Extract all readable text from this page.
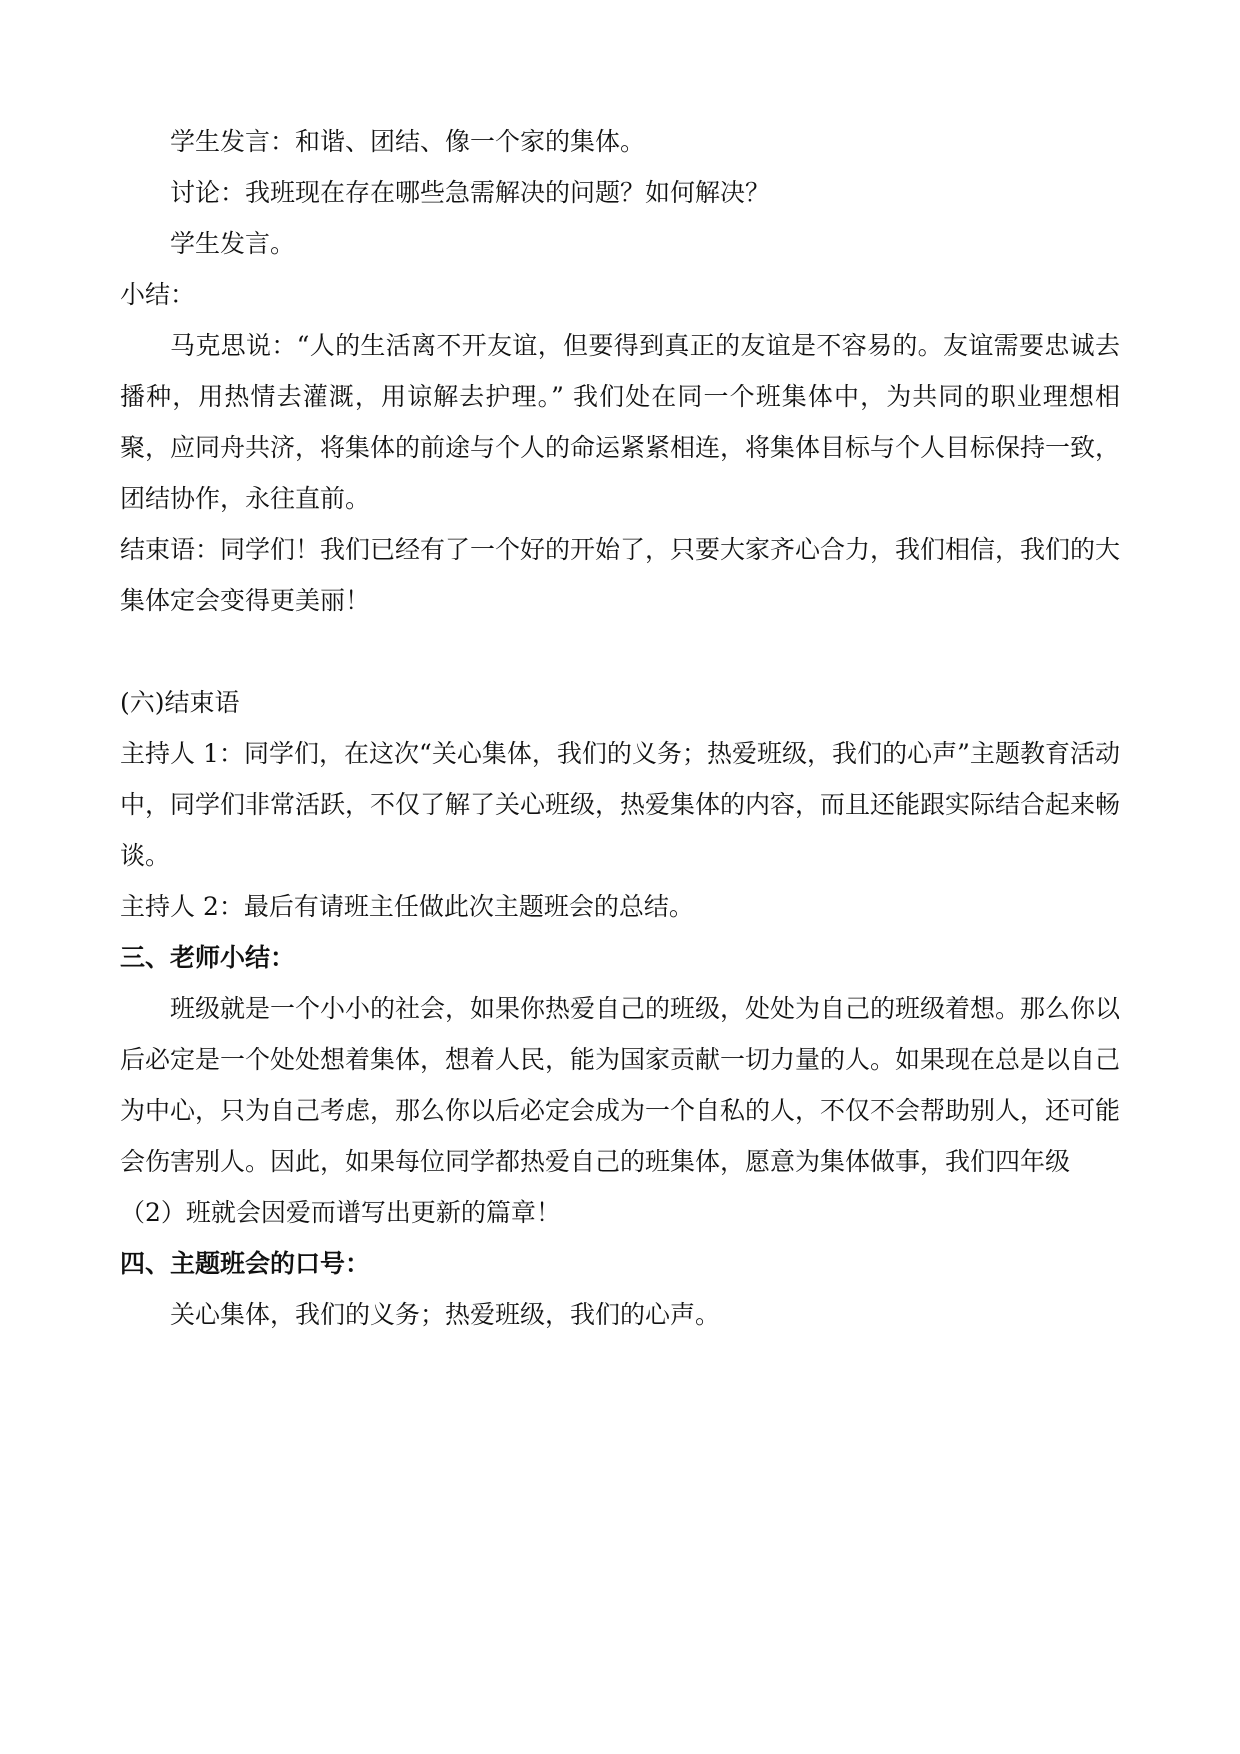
学生发言：和谐、团结、像一个家的集体。

讨论：我班现在存在哪些急需解决的问题？如何解决？

学生发言。

小结：

马克思说：“人的生活离不开友谊，但要得到真正的友谊是不容易的。友谊需要忠诚去播种，用热情去灌溉，用谅解去护理。” 我们处在同一个班集体中，为共同的职业理想相聚，应同舟共济，将集体的前途与个人的命运紧紧相连，将集体目标与个人目标保持一致，团结协作，永往直前。

结束语：同学们！我们已经有了一个好的开始了，只要大家齐心合力，我们相信，我们的大集体定会变得更美丽！

(六)结束语

主持人 1：同学们，在这次“关心集体，我们的义务；热爱班级，我们的心声”主题教育活动中，同学们非常活跃，不仅了解了关心班级，热爱集体的内容，而且还能跟实际结合起来畅谈。

主持人 2：最后有请班主任做此次主题班会的总结。

三、老师小结：

班级就是一个小小的社会，如果你热爱自己的班级，处处为自己的班级着想。那么你以后必定是一个处处想着集体，想着人民，能为国家贡献一切力量的人。如果现在总是以自己为中心，只为自己考虑，那么你以后必定会成为一个自私的人，不仅不会帮助别人，还可能会伤害别人。因此，如果每位同学都热爱自己的班集体，愿意为集体做事，我们四年级

（2）班就会因爱而谱写出更新的篇章！

四、主题班会的口号：

关心集体，我们的义务；热爱班级，我们的心声。
